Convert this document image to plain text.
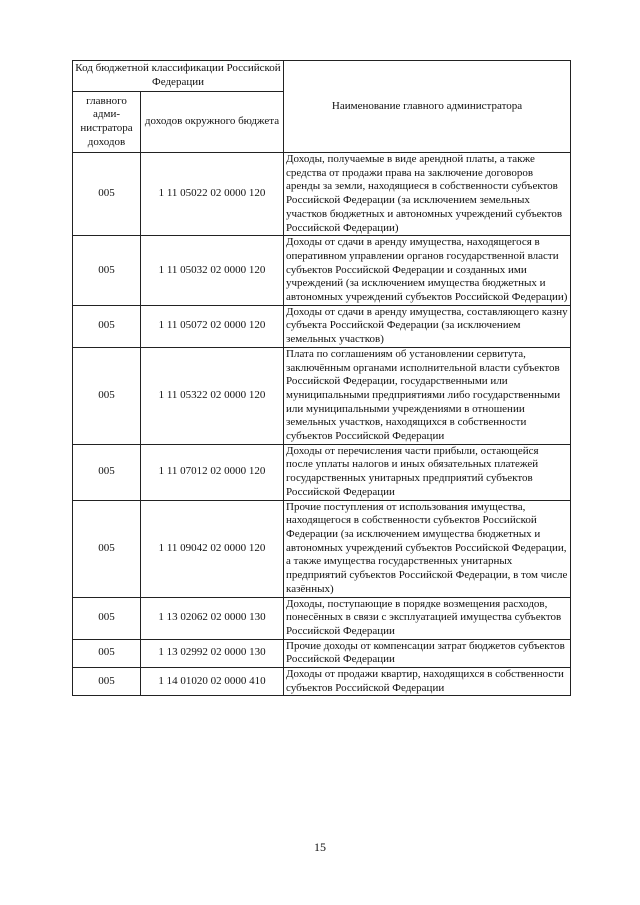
Код бюджетной классификации Российской Федерации		Наименование главного администратора
главного адми-нистратора доходов	доходов окружного бюджета	
005	1 11 05022 02 0000 120	Доходы, получаемые в виде арендной платы, а также средства от продажи права на заключение договоров аренды за земли, находящиеся в собственности субъектов Российской Федерации (за исключением земельных участков бюджетных и автономных учреждений субъектов Российской Федерации)
005	1 11 05032 02 0000 120	Доходы от сдачи в аренду имущества, находящегося в оперативном управлении органов государственной власти субъектов Российской Федерации и созданных ими учреждений (за исключением имущества бюджетных и автономных учреждений субъектов Российской Федерации)
005	1 11 05072 02 0000 120	Доходы от сдачи в аренду имущества, составляющего казну субъекта Российской Федерации (за исключением земельных участков)
005	1 11 05322 02 0000 120	Плата по соглашениям об установлении сервитута, заключённым органами исполнительной власти субъектов Российской Федерации, государственными или муниципальными предприятиями либо государственными или муниципальными учреждениями в отношении земельных участков, находящихся в собственности субъектов Российской Федерации
005	1 11 07012 02 0000 120	Доходы от перечисления части прибыли, остающейся после уплаты налогов и иных обязательных платежей государственных унитарных предприятий субъектов Российской Федерации
005	1 11 09042 02 0000 120	Прочие поступления от использования имущества, находящегося в собственности субъектов Российской Федерации (за исключением имущества бюджетных и автономных учреждений субъектов Российской Федерации, а также имущества государственных унитарных предприятий субъектов Российской Федерации, в том числе казённых)
005	1 13 02062 02 0000 130	Доходы, поступающие в порядке возмещения расходов, понесённых в связи с эксплуатацией имущества субъектов Российской Федерации
005	1 13 02992 02 0000 130	Прочие доходы от компенсации затрат бюджетов субъектов Российской Федерации
005	1 14 01020 02 0000 410	Доходы от продажи квартир, находящихся в собственности субъектов Российской Федерации
15
